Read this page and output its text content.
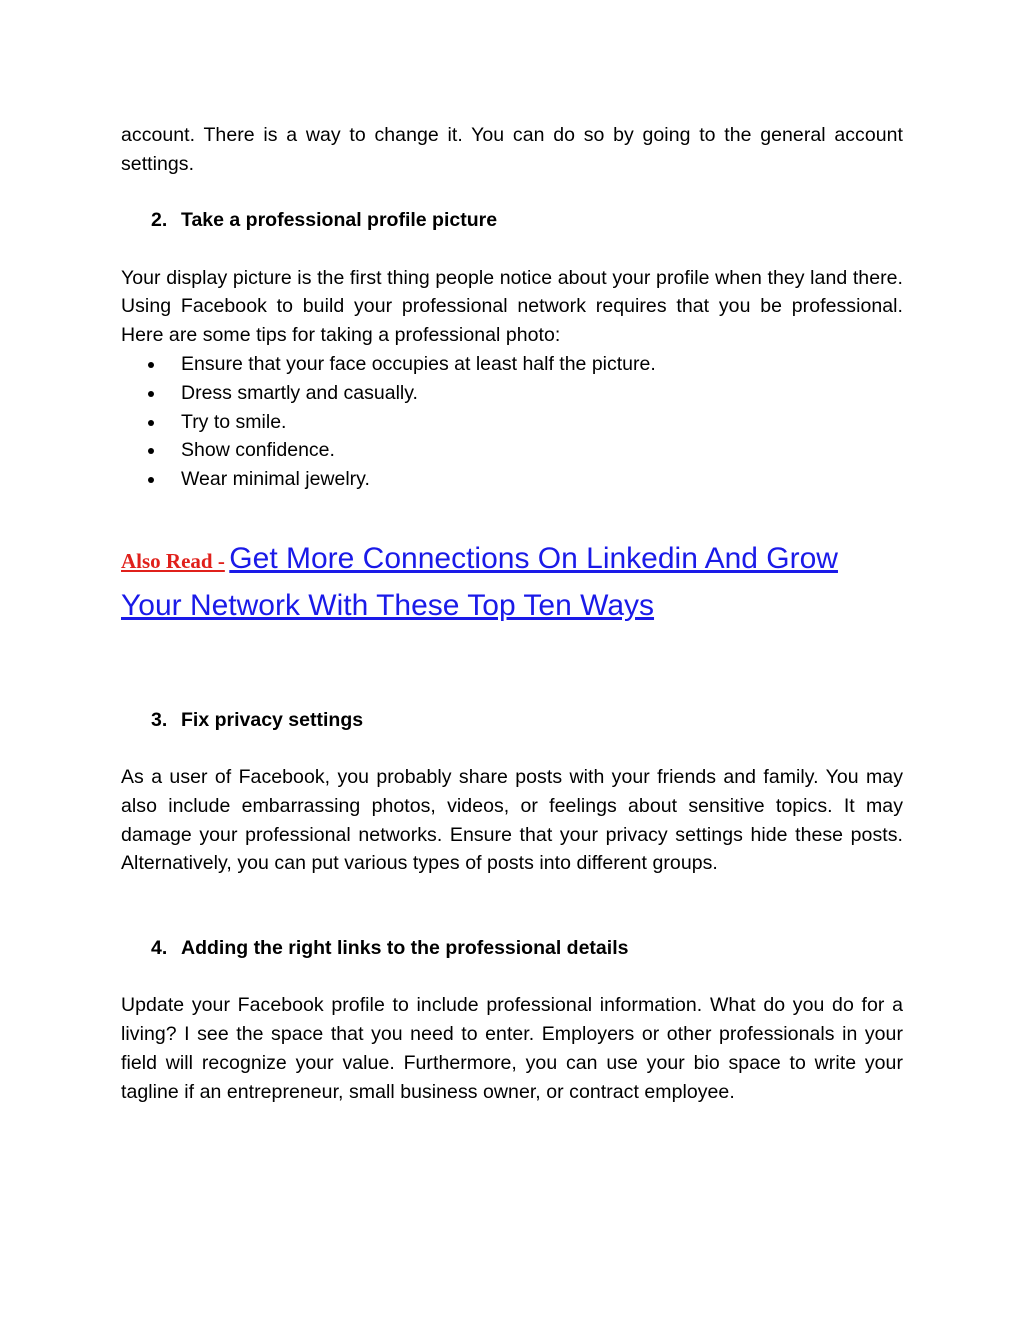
account. There is a way to change it. You can do so by going to the general account settings.

2. Take a professional profile picture

Your display picture is the first thing people notice about your profile when they land there. Using Facebook to build your professional network requires that you be professional. Here are some tips for taking a professional photo:

Ensure that your face occupies at least half the picture.
Dress smartly and casually.
Try to smile.
Show confidence.
Wear minimal jewelry.

Also Read - Get More Connections On Linkedin And Grow Your Network With These Top Ten Ways

3. Fix privacy settings

As a user of Facebook, you probably share posts with your friends and family. You may also include embarrassing photos, videos, or feelings about sensitive topics. It may damage your professional networks. Ensure that your privacy settings hide these posts. Alternatively, you can put various types of posts into different groups.

4. Adding the right links to the professional details

Update your Facebook profile to include professional information. What do you do for a living? I see the space that you need to enter. Employers or other professionals in your field will recognize your value. Furthermore, you can use your bio space to write your tagline if an entrepreneur, small business owner, or contract employee.
